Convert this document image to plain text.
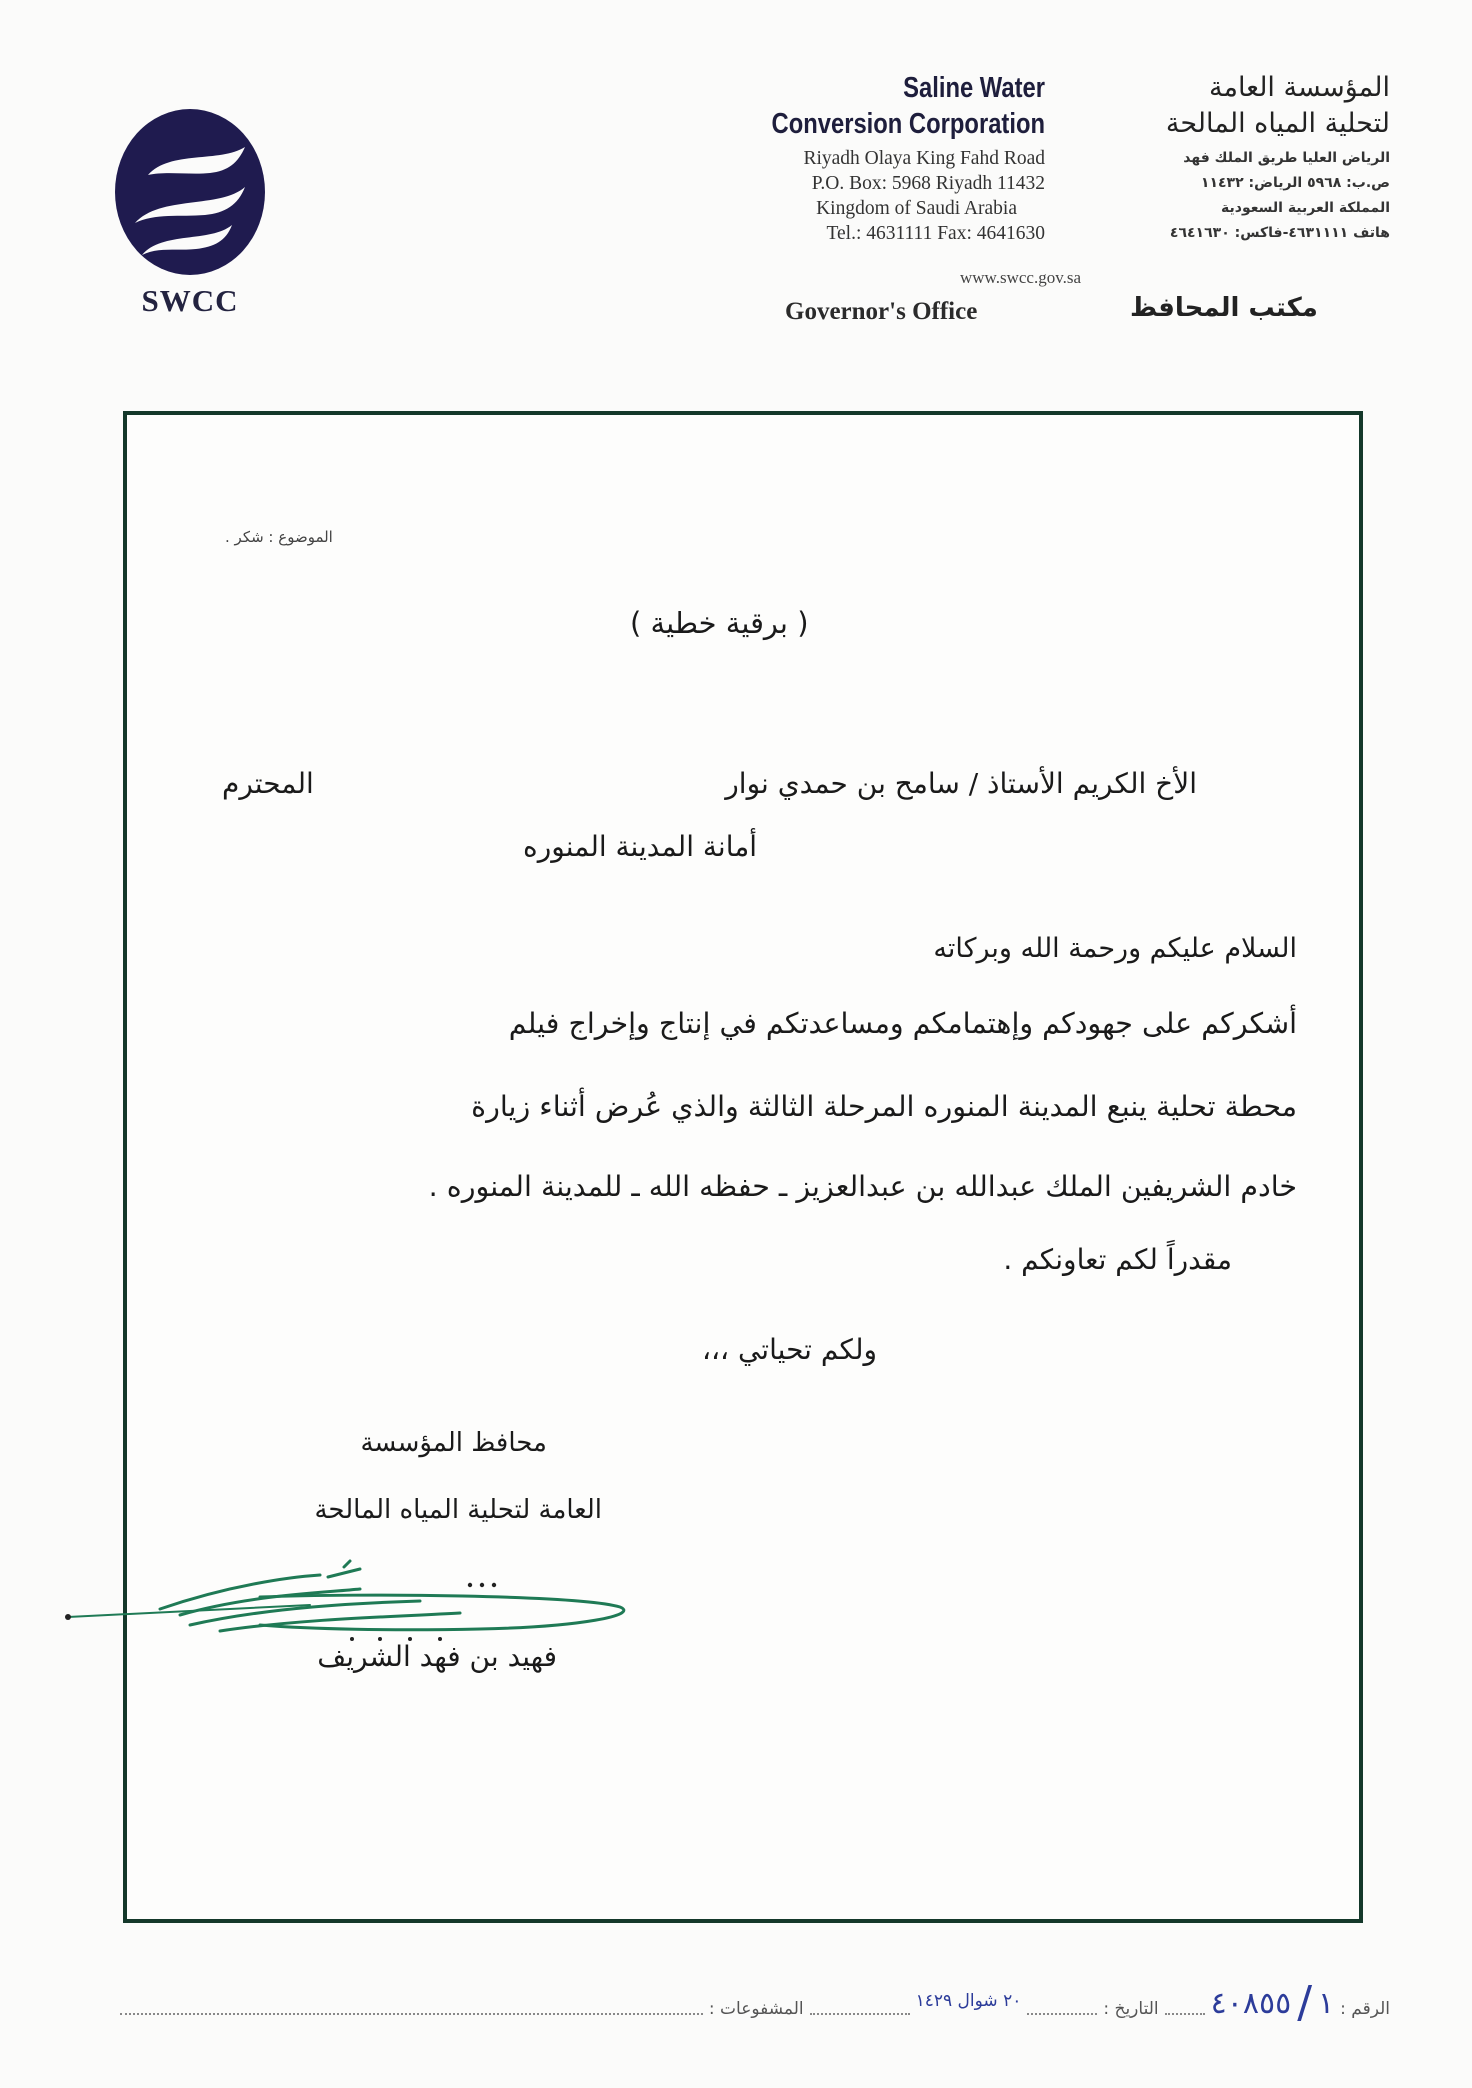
SWCC
Saline Water
Conversion Corporation
Riyadh Olaya King Fahd Road
P.O. Box: 5968 Riyadh 11432
Kingdom of Saudi Arabia
Tel.: 4631111 Fax: 4641630
المؤسسة العامة
لتحلية المياه المالحة
الرياض العليا طريق الملك فهد
ص.ب: ٥٩٦٨ الرياض: ١١٤٣٢
المملكة العربية السعودية
هاتف ٤٦٣١١١١-فاكس: ٤٦٤١٦٣٠
www.swcc.gov.sa
Governor's Office	مكتب المحافظ
الموضوع : شكر .
( برقية خطية )
الأخ الكريم الأستاذ / سامح بن حمدي نوار
المحترم
أمانة المدينة المنوره
السلام عليكم ورحمة الله وبركاته
أشكركم على جهودكم وإهتمامكم ومساعدتكم في إنتاج وإخراج فيلم
محطة تحلية ينبع المدينة المنوره المرحلة الثالثة والذي عُرض أثناء زيارة
خادم الشريفين الملك عبدالله بن عبدالعزيز ـ حفظه الله ـ للمدينة المنوره .
مقدراً لكم تعاونكم .
ولكم تحياتي ،،،
محافظ المؤسسة
العامة لتحلية المياه المالحة
فهيد بن فهد الشريف
الرقم :
١
/
٤٠٨٥٥
التاريخ :
٢٠ شوال ١٤٢٩
المشفوعات :
